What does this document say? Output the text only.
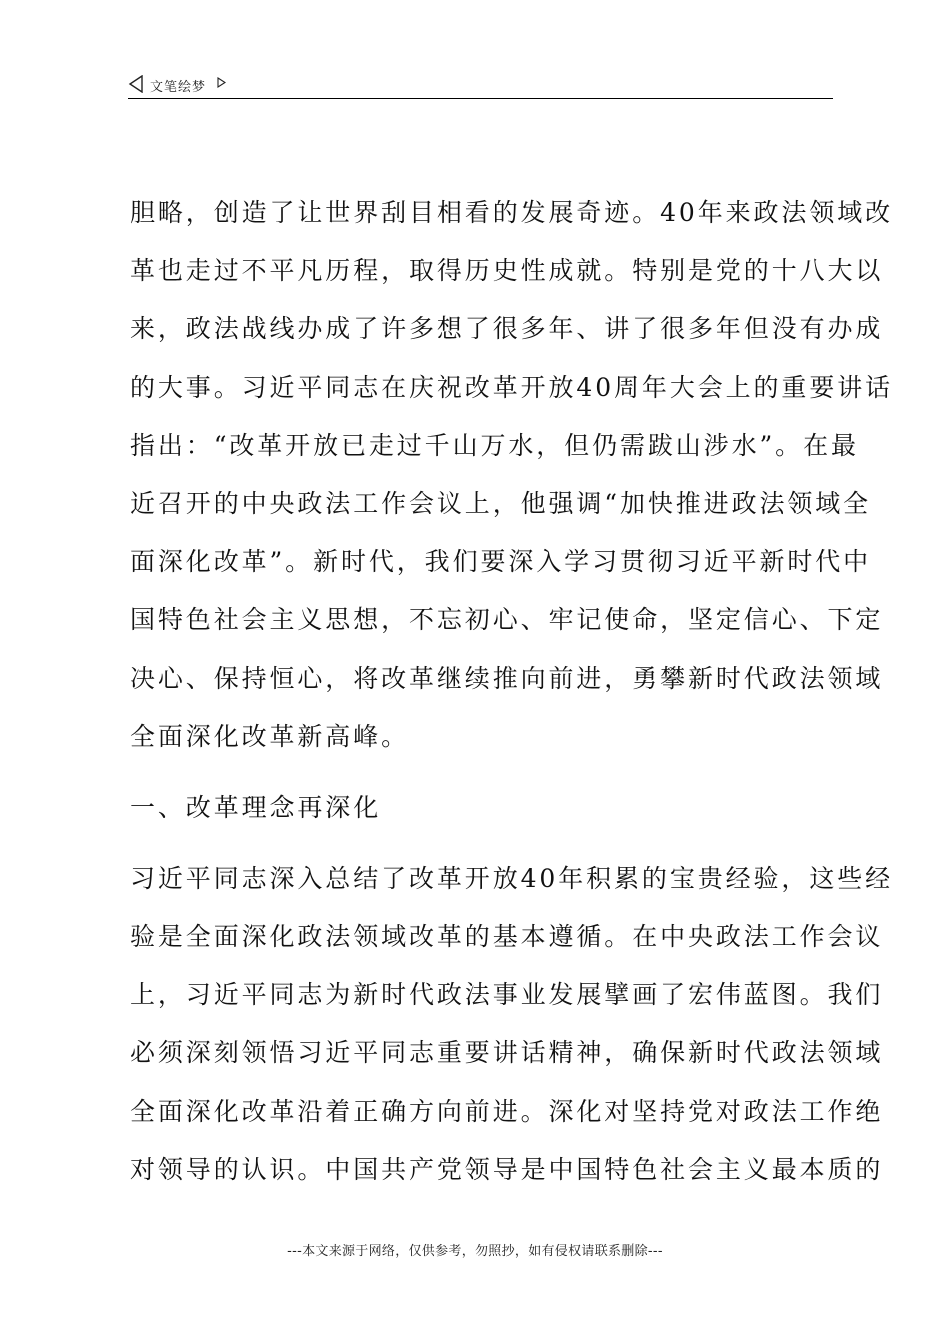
文笔绘梦

胆略，创造了让世界刮目相看的发展奇迹。40年来政法领域改
革也走过不平凡历程，取得历史性成就。特别是党的十八大以
来，政法战线办成了许多想了很多年、讲了很多年但没有办成
的大事。习近平同志在庆祝改革开放40周年大会上的重要讲话
指出：“改革开放已走过千山万水，但仍需跋山涉水”。在最
近召开的中央政法工作会议上，他强调“加快推进政法领域全
面深化改革”。新时代，我们要深入学习贯彻习近平新时代中
国特色社会主义思想，不忘初心、牢记使命，坚定信心、下定
决心、保持恒心，将改革继续推向前进，勇攀新时代政法领域
全面深化改革新高峰。

一、改革理念再深化

习近平同志深入总结了改革开放40年积累的宝贵经验，这些经
验是全面深化政法领域改革的基本遵循。在中央政法工作会议
上，习近平同志为新时代政法事业发展擘画了宏伟蓝图。我们
必须深刻领悟习近平同志重要讲话精神，确保新时代政法领域
全面深化改革沿着正确方向前进。深化对坚持党对政法工作绝
对领导的认识。中国共产党领导是中国特色社会主义最本质的

---本文来源于网络，仅供参考，勿照抄，如有侵权请联系删除---
